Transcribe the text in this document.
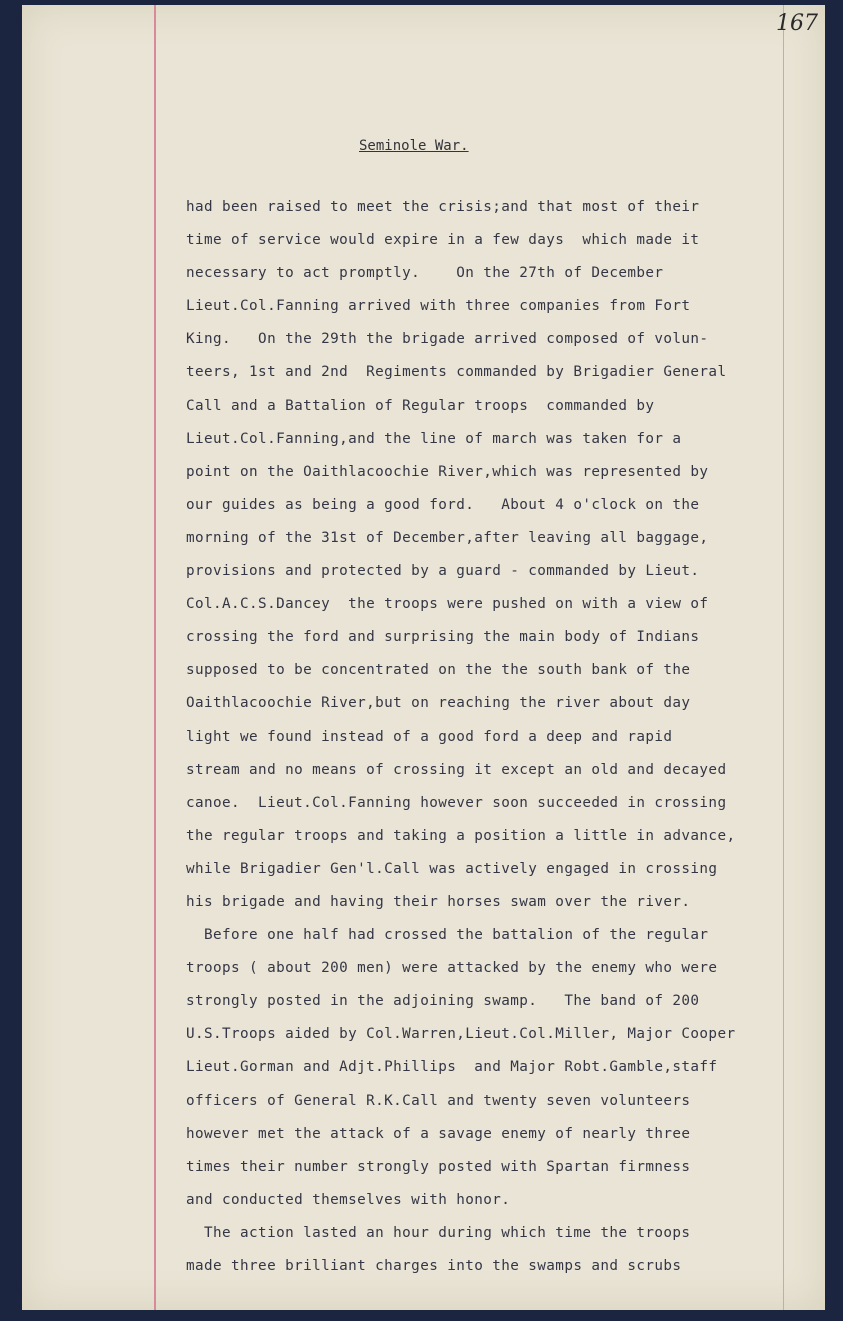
167
Seminole War.
had been raised to meet the crisis;and that most of their
time of service would expire in a few days  which made it
necessary to act promptly.    On the 27th of December
Lieut.Col.Fanning arrived with three companies from Fort
King.   On the 29th the brigade arrived composed of volun-
teers, 1st and 2nd  Regiments commanded by Brigadier General
Call and a Battalion of Regular troops  commanded by
Lieut.Col.Fanning,and the line of march was taken for a
point on the Oaithlacoochie River,which was represented by
our guides as being a good ford.   About 4 o'clock on the
morning of the 31st of December,after leaving all baggage,
provisions and protected by a guard - commanded by Lieut.
Col.A.C.S.Dancey  the troops were pushed on with a view of
crossing the ford and surprising the main body of Indians
supposed to be concentrated on the the south bank of the
Oaithlacoochie River,but on reaching the river about day
light we found instead of a good ford a deep and rapid
stream and no means of crossing it except an old and decayed
canoe.  Lieut.Col.Fanning however soon succeeded in crossing
the regular troops and taking a position a little in advance,
while Brigadier Gen'l.Call was actively engaged in crossing
his brigade and having their horses swam over the river.
Before one half had crossed the battalion of the regular
troops ( about 200 men) were attacked by the enemy who were
strongly posted in the adjoining swamp.   The band of 200
U.S.Troops aided by Col.Warren,Lieut.Col.Miller, Major Cooper
Lieut.Gorman and Adjt.Phillips  and Major Robt.Gamble,staff
officers of General R.K.Call and twenty seven volunteers
however met the attack of a savage enemy of nearly three
times their number strongly posted with Spartan firmness
and conducted themselves with honor.
The action lasted an hour during which time the troops
made three brilliant charges into the swamps and scrubs
